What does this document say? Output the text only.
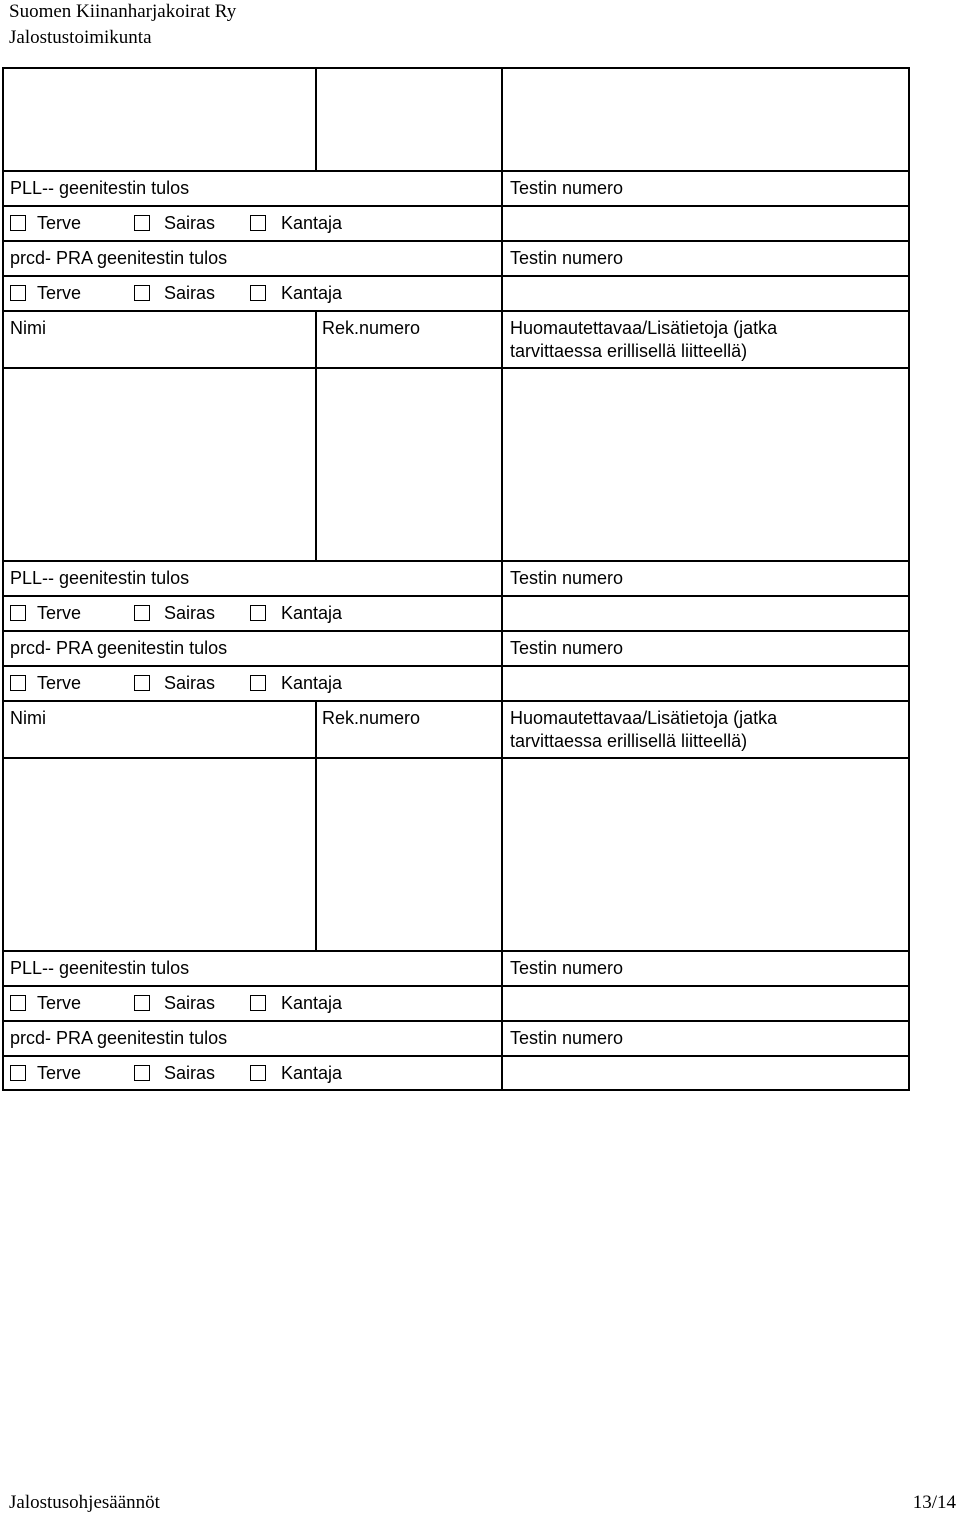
Suomen Kiinanharjakoirat Ry
Jalostustoimikunta
PLL-- geenitestin tulos	Testin numero
Terve	Sairas	Kantaja
prcd- PRA geenitestin tulos	Testin numero
Terve	Sairas	Kantaja
Nimi	Rek.numero	Huomautettavaa/Lisätietoja (jatka
tarvittaessa erillisellä liitteellä)
PLL-- geenitestin tulos	Testin numero
Terve	Sairas	Kantaja
prcd- PRA geenitestin tulos	Testin numero
Terve	Sairas	Kantaja
Nimi	Rek.numero	Huomautettavaa/Lisätietoja (jatka
tarvittaessa erillisellä liitteellä)
PLL-- geenitestin tulos	Testin numero
Terve	Sairas	Kantaja
prcd- PRA geenitestin tulos	Testin numero
Terve	Sairas	Kantaja
Jalostusohjesäännöt	13/14
